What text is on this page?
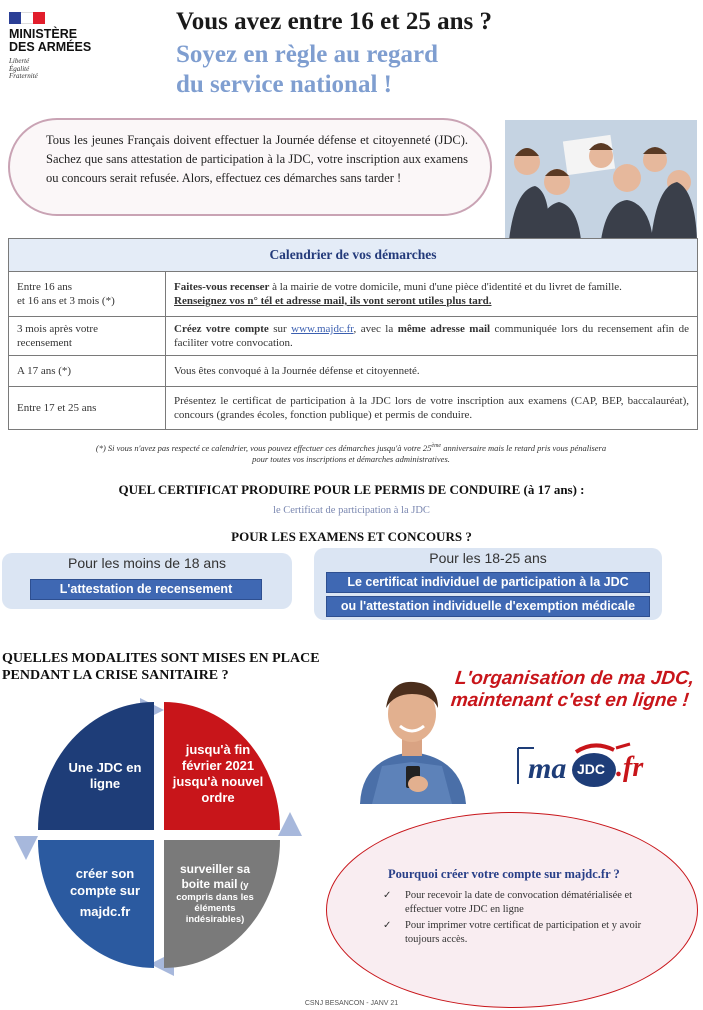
MINISTÈRE
DES ARMÉES
Liberté
Égalité
Fraternité
Vous avez entre 16 et 25 ans ?
Soyez en règle au regard
du service national !
Tous les jeunes Français doivent effectuer la Journée défense et citoyenneté (JDC). Sachez que sans attestation de participation à la JDC, votre inscription aux examens ou concours serait refusée. Alors, effectuez ces démarches sans tarder !
Calendrier de vos démarches	
Entre 16 ans
et 16 ans et 3 mois (*)	Faites-vous recenser à la mairie de votre domicile, muni d'une pièce d'identité et du livret de famille.
Renseignez vos n° tél et adresse mail, ils vont seront utiles plus tard.
3 mois après votre
recensement	Créez votre compte sur www.majdc.fr, avec la même adresse mail communiquée lors du recensement afin de faciliter votre convocation.
A 17 ans (*)	Vous êtes convoqué à la Journée défense et citoyenneté.
Entre 17 et 25 ans	Présentez le certificat de participation à la JDC lors de votre inscription aux examens (CAP, BEP, baccalauréat), concours (grandes écoles, fonction publique) et permis de conduire.
(*) Si vous n'avez pas respecté ce calendrier, vous pouvez effectuer ces démarches jusqu'à votre 25ème anniversaire mais le retard pris vous pénalisera
pour toutes vos inscriptions et démarches administratives.
QUEL CERTIFICAT PRODUIRE POUR LE PERMIS DE CONDUIRE (à 17 ans) :
le Certificat de participation à la JDC
POUR LES EXAMENS ET CONCOURS ?
Pour les moins de 18 ans
L'attestation de recensement
Pour les 18-25 ans
Le certificat individuel de participation à la JDC
ou l'attestation individuelle d'exemption médicale
QUELLES MODALITES SONT MISES EN PLACE
PENDANT LA CRISE SANITAIRE ?
Une JDC en
ligne
jusqu'à fin
février 2021
jusqu'à nouvel
ordre
créer son
compte sur
majdc.fr
surveiller sa
boite mail (y
compris dans les
éléments
indésirables)
L'organisation de ma JDC,
maintenant c'est en ligne !
ma JDC .fr
Pourquoi créer votre compte sur majdc.fr ?
✓ Pour recevoir la date de convocation dématérialisée et effectuer votre JDC en ligne
✓ Pour imprimer votre certificat de participation et y avoir toujours accès.
CSNJ BESANCON - JANV 21
